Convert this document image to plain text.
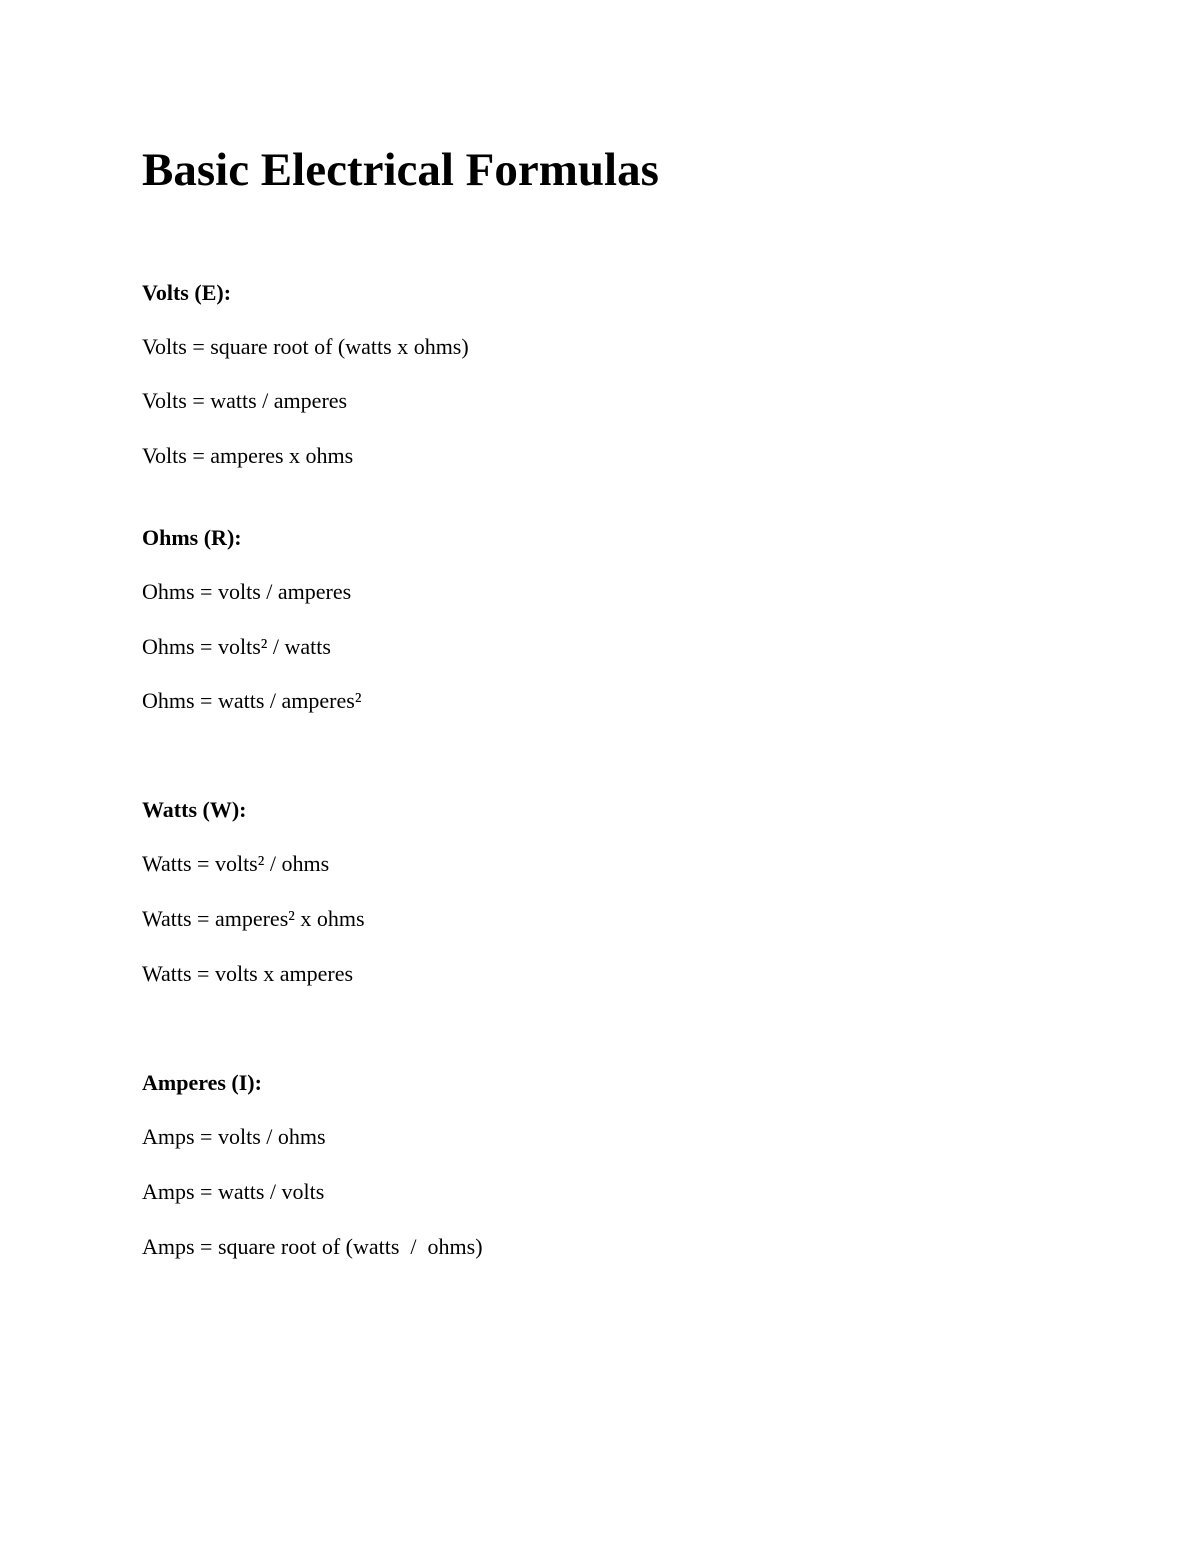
Basic Electrical Formulas
Volts (E):
Volts = square root of (watts x ohms)
Volts = watts / amperes
Volts = amperes x ohms
Ohms (R):
Ohms = volts / amperes
Ohms = volts² / watts
Ohms = watts / amperes²
Watts (W):
Watts = volts² / ohms
Watts = amperes² x ohms
Watts = volts x amperes
Amperes (I):
Amps = volts / ohms
Amps = watts / volts
Amps = square root of (watts  /  ohms)
